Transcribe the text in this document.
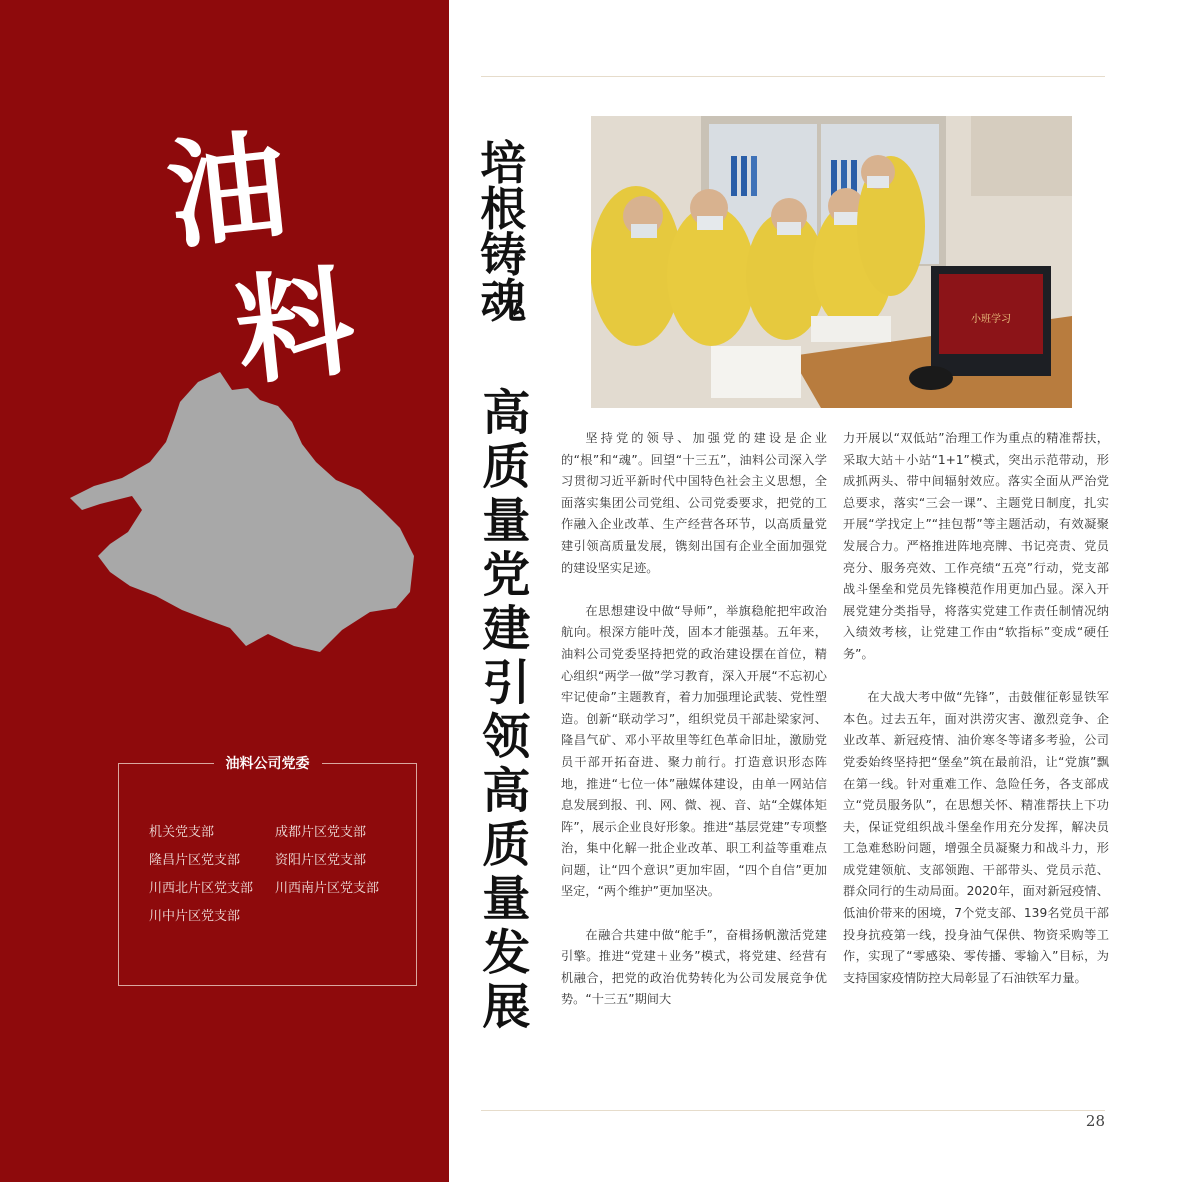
油
料
油料公司党委
机关党支部	成都片区党支部
隆昌片区党支部	资阳片区党支部
川西北片区党支部 川西南片区党支部
川中片区党支部
小班学习
培根铸魂
高质量党建引领高质量发展

坚持党的领导、加强党的建设是企业的“根”和“魂”。回望“十三五”，油料公司深入学习贯彻习近平新时代中国特色社会主义思想，全面落实集团公司党组、公司党委要求，把党的工作融入企业改革、生产经营各环节，以高质量党建引领高质量发展，镌刻出国有企业全面加强党的建设坚实足迹。

在思想建设中做“导师”，举旗稳舵把牢政治航向。根深方能叶茂，固本才能强基。五年来，油料公司党委坚持把党的政治建设摆在首位，精心组织“两学一做”学习教育，深入开展“不忘初心 牢记使命”主题教育，着力加强理论武装、党性塑造。创新“联动学习”，组织党员干部赴梁家河、隆昌气矿、邓小平故里等红色革命旧址，激励党员干部开拓奋进、聚力前行。打造意识形态阵地，推进“七位一体”融媒体建设，由单一网站信息发展到报、刊、网、微、视、音、站“全媒体矩阵”，展示企业良好形象。推进“基层党建”专项整治，集中化解一批企业改革、职工利益等重难点问题，让“四个意识”更加牢固，“四个自信”更加坚定，“两个维护”更加坚决。

在融合共建中做“舵手”，奋楫扬帆激活党建引擎。推进“党建＋业务”模式，将党建、经营有机融合，把党的政治优势转化为公司发展竞争优势。“十三五”期间大

力开展以“双低站”治理工作为重点的精准帮扶，采取大站＋小站“1+1”模式，突出示范带动，形成抓两头、带中间辐射效应。落实全面从严治党总要求，落实“三会一课”、主题党日制度，扎实开展“学找定上”“挂包帮”等主题活动，有效凝聚发展合力。严格推进阵地亮牌、书记亮责、党员亮分、服务亮效、工作亮绩“五亮”行动，党支部战斗堡垒和党员先锋模范作用更加凸显。深入开展党建分类指导，将落实党建工作责任制情况纳入绩效考核，让党建工作由“软指标”变成“硬任务”。

在大战大考中做“先锋”，击鼓催征彰显铁军本色。过去五年，面对洪涝灾害、激烈竞争、企业改革、新冠疫情、油价寒冬等诸多考验，公司党委始终坚持把“堡垒”筑在最前沿，让“党旗”飘在第一线。针对重难工作、急险任务，各支部成立“党员服务队”，在思想关怀、精准帮扶上下功夫，保证党组织战斗堡垒作用充分发挥，解决员工急难愁盼问题，增强全员凝聚力和战斗力，形成党建领航、支部领跑、干部带头、党员示范、群众同行的生动局面。2020年，面对新冠疫情、低油价带来的困境，7个党支部、139名党员干部投身抗疫第一线，投身油气保供、物资采购等工作，实现了“零感染、零传播、零输入”目标，为支持国家疫情防控大局彰显了石油铁军力量。

28
